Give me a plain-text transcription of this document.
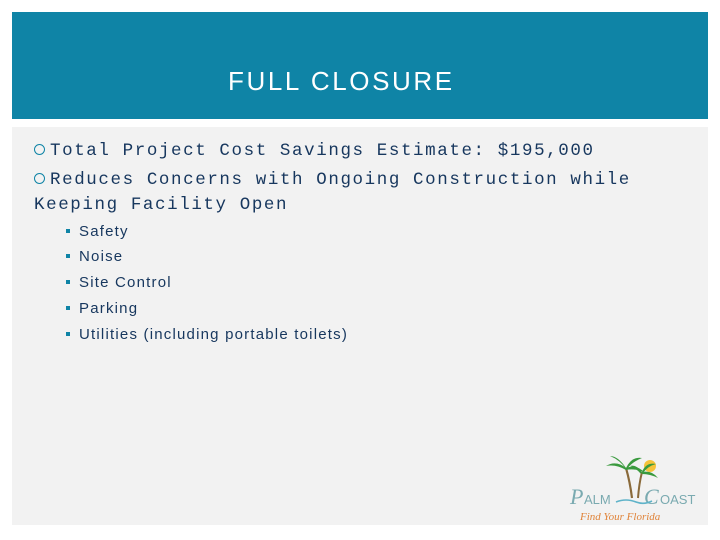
FULL CLOSURE
Total Project Cost Savings Estimate: $195,000
Reduces Concerns with Ongoing Construction while Keeping Facility Open
Safety
Noise
Site Control
Parking
Utilities (including portable toilets)
P ALM C OAST
Find Your Florida
